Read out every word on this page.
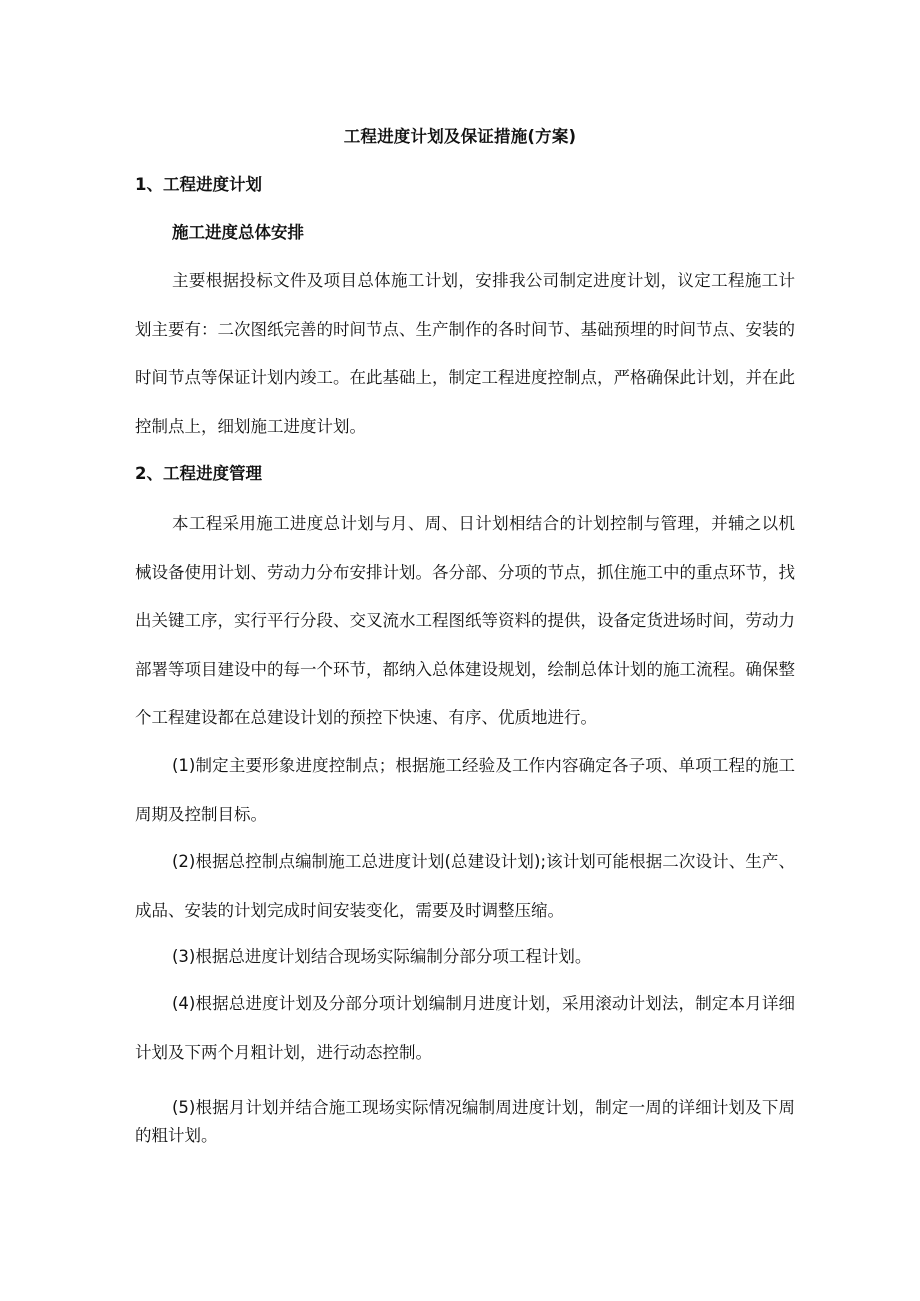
工程进度计划及保证措施(方案)
1、工程进度计划
施工进度总体安排
主要根据投标文件及项目总体施工计划，安排我公司制定进度计划，议定工程施工计划主要有：二次图纸完善的时间节点、生产制作的各时间节、基础预埋的时间节点、安装的时间节点等保证计划内竣工。在此基础上，制定工程进度控制点，严格确保此计划，并在此控制点上，细划施工进度计划。
2、工程进度管理
本工程采用施工进度总计划与月、周、日计划相结合的计划控制与管理，并辅之以机械设备使用计划、劳动力分布安排计划。各分部、分项的节点，抓住施工中的重点环节，找出关键工序，实行平行分段、交叉流水工程图纸等资料的提供，设备定货进场时间，劳动力部署等项目建设中的每一个环节，都纳入总体建设规划，绘制总体计划的施工流程。确保整个工程建设都在总建设计划的预控下快速、有序、优质地进行。
(1)制定主要形象进度控制点；根据施工经验及工作内容确定各子项、单项工程的施工周期及控制目标。
(2)根据总控制点编制施工总进度计划(总建设计划);该计划可能根据二次设计、生产、成品、安装的计划完成时间安装变化，需要及时调整压缩。
(3)根据总进度计划结合现场实际编制分部分项工程计划。
(4)根据总进度计划及分部分项计划编制月进度计划，采用滚动计划法，制定本月详细计划及下两个月粗计划，进行动态控制。
(5)根据月计划并结合施工现场实际情况编制周进度计划，制定一周的详细计划及下周的粗计划。
